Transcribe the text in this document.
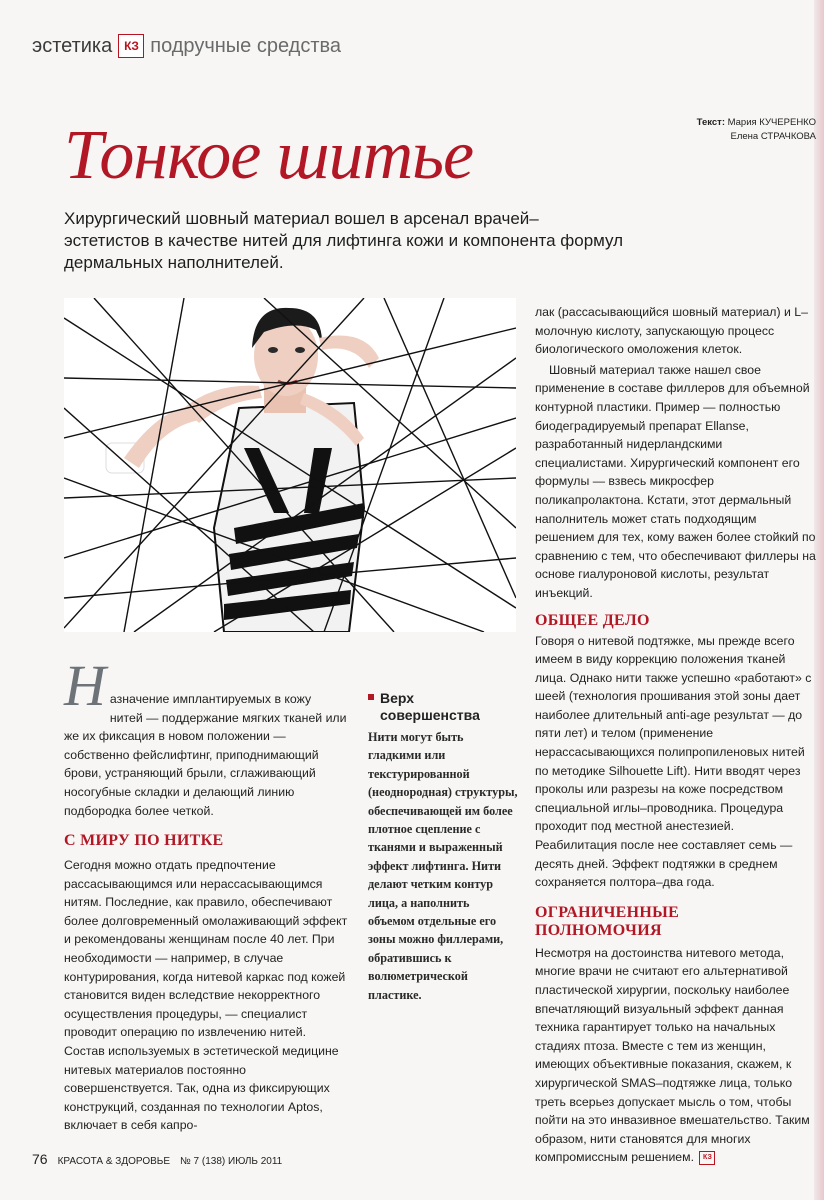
эстетика КЗ подручные средства
Текст: Мария КУЧЕРЕНКО
Елена СТРАЧКОВА
Тонкое шитье
Хирургический шовный материал вошел в арсенал врачей–эстетистов в качестве нитей для лифтинга кожи и компонента формул дермальных наполнителей.
Н азначение имплантируемых в кожу
нитей — поддержание мягких тканей или же их фиксация в новом положении — собственно фейслифтинг, приподнимающий брови, устраняющий брыли, сглаживающий носогубные складки и делающий линию подбородка более четкой.
С МИРУ ПО НИТКЕ

Сегодня можно отдать предпочтение рассасывающимся или нерассасывающимся нитям. Последние, как правило, обеспечивают более долговременный омолаживающий эффект и рекомендованы женщинам после 40 лет. При необходимости — например, в случае контурирования, когда нитевой каркас под кожей становится виден вследствие некорректного осуществления процедуры, — специалист проводит операцию по извлечению нитей. Состав используемых в эстетической медицине нитевых материалов постоянно совершенствуется. Так, одна из фиксирующих конструкций, созданная по технологии Aptos, включает в себя капро-

Верх
совершенства
Нити могут быть гладкими или текстурированной (неоднородная) структуры, обеспечивающей им более плотное сцепление с тканями и выраженный эффект лифтинга. Нити делают четким контур лица, а наполнить объемом отдельные его зоны можно филлерами, обратившись к волюметрической пластике.

лак (рассасывающийся шовный материал) и L–молочную кислоту, запускающую процесс биологического омоложения клеток.

Шовный материал также нашел свое применение в составе филлеров для объемной контурной пластики. Пример — полностью биодеградируемый препарат Ellanse, разработанный нидерландскими специалистами. Хирургический компонент его формулы — взвесь микросфер поликапролактона. Кстати, этот дермальный наполнитель может стать подходящим решением для тех, кому важен более стойкий по сравнению с тем, что обеспечивают филлеры на основе гиалуроновой кислоты, результат инъекций.

ОБЩЕЕ ДЕЛО

Говоря о нитевой подтяжке, мы прежде всего имеем в виду коррекцию положения тканей лица. Однако нити также успешно «работают» с шеей (технология прошивания этой зоны дает наиболее длительный anti-age результат — до пяти лет) и телом (применение нерассасывающихся полипропиленовых нитей по методике Silhouette Lift). Нити вводят через проколы или разрезы на коже посредством специальной иглы–проводника. Процедура проходит под местной анестезией. Реабилитация после нее составляет семь — десять дней. Эффект подтяжки в среднем сохраняется полтора–два года.

ОГРАНИЧЕННЫЕ
ПОЛНОМОЧИЯ

Несмотря на достоинства нитевого метода, многие врачи не считают его альтернативой пластической хирургии, поскольку наиболее впечатляющий визуальный эффект данная техника гарантирует только на начальных стадиях птоза. Вместе с тем из женщин, имеющих объективные показания, скажем, к хирургической SMAS–подтяжке лица, только треть всерьез допускает мысль о том, чтобы пойти на это инвазивное вмешательство. Таким образом, нити становятся для многих компромиссным решением. КЗ

76 КРАСОТА & ЗДОРОВЬЕ № 7 (138) ИЮЛЬ 2011
